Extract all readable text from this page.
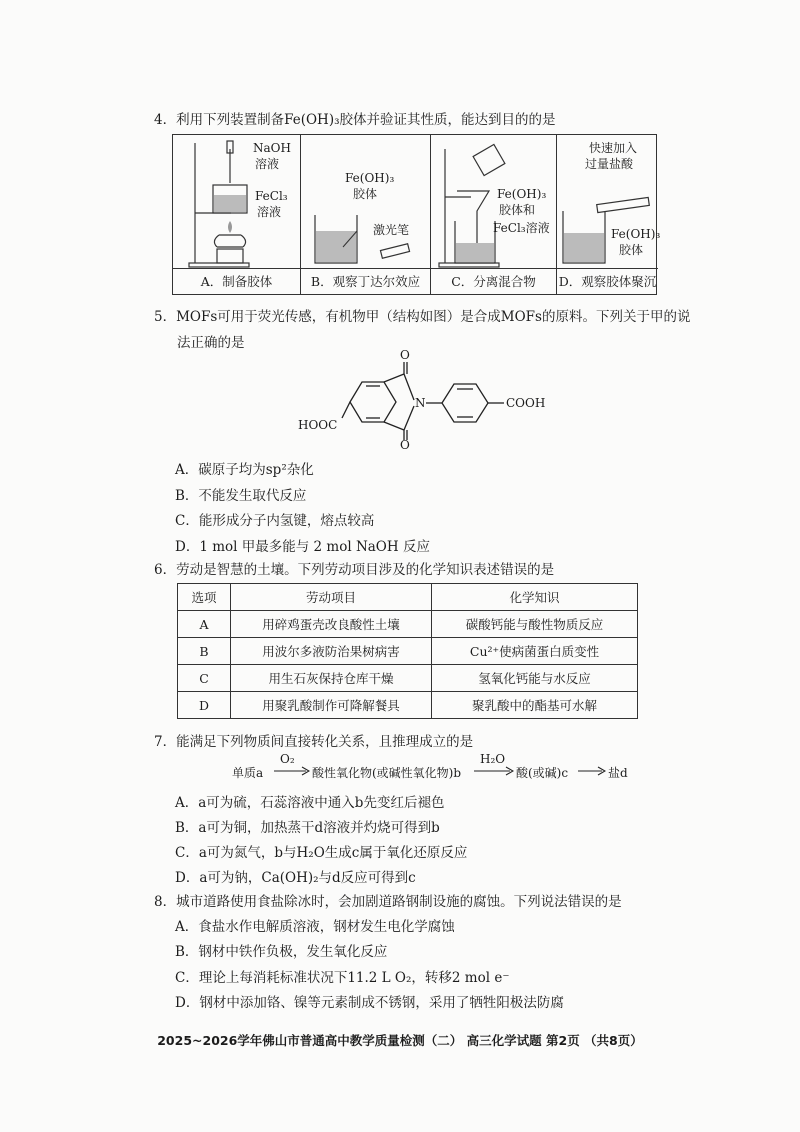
4．利用下列装置制备Fe(OH)₃胶体并验证其性质，能达到目的的是
NaOH
溶液
FeCl₃
溶液
A．制备胶体
Fe(OH)₃
胶体
激光笔
B．观察丁达尔效应
Fe(OH)₃
胶体和
FeCl₃溶液
C．分离混合物
快速加入
过量盐酸
Fe(OH)₃
胶体
D．观察胶体聚沉
5．MOFs可用于荧光传感，有机物甲（结构如图）是合成MOFs的原料。下列关于甲的说
法正确的是
O
O
N	COOH
HOOC
A．碳原子均为sp²杂化
B．不能发生取代反应
C．能形成分子内氢键，熔点较高
D．1 mol 甲最多能与 2 mol NaOH 反应
6．劳动是智慧的土壤。下列劳动项目涉及的化学知识表述错误的是
选项	劳动项目	化学知识
A	用碎鸡蛋壳改良酸性土壤	碳酸钙能与酸性物质反应
B	用波尔多液防治果树病害	Cu²⁺使病菌蛋白质变性
C	用生石灰保持仓库干燥	氢氧化钙能与水反应
D	用聚乳酸制作可降解餐具	聚乳酸中的酯基可水解
7．能满足下列物质间直接转化关系，且推理成立的是
单质a
O₂
酸性氧化物(或碱性氧化物)b
H₂O
酸(或碱)c	盐d
A．a可为硫，石蕊溶液中通入b先变红后褪色
B．a可为铜，加热蒸干d溶液并灼烧可得到b
C．a可为氮气，b与H₂O生成c属于氧化还原反应
D．a可为钠，Ca(OH)₂与d反应可得到c
8．城市道路使用食盐除冰时，会加剧道路钢制设施的腐蚀。下列说法错误的是
A．食盐水作电解质溶液，钢材发生电化学腐蚀
B．钢材中铁作负极，发生氧化反应
C．理论上每消耗标准状况下11.2 L O₂，转移2 mol e⁻
D．钢材中添加铬、镍等元素制成不锈钢，采用了牺牲阳极法防腐
2025~2026学年佛山市普通高中教学质量检测（二） 高三化学试题 第2页 （共8页）
